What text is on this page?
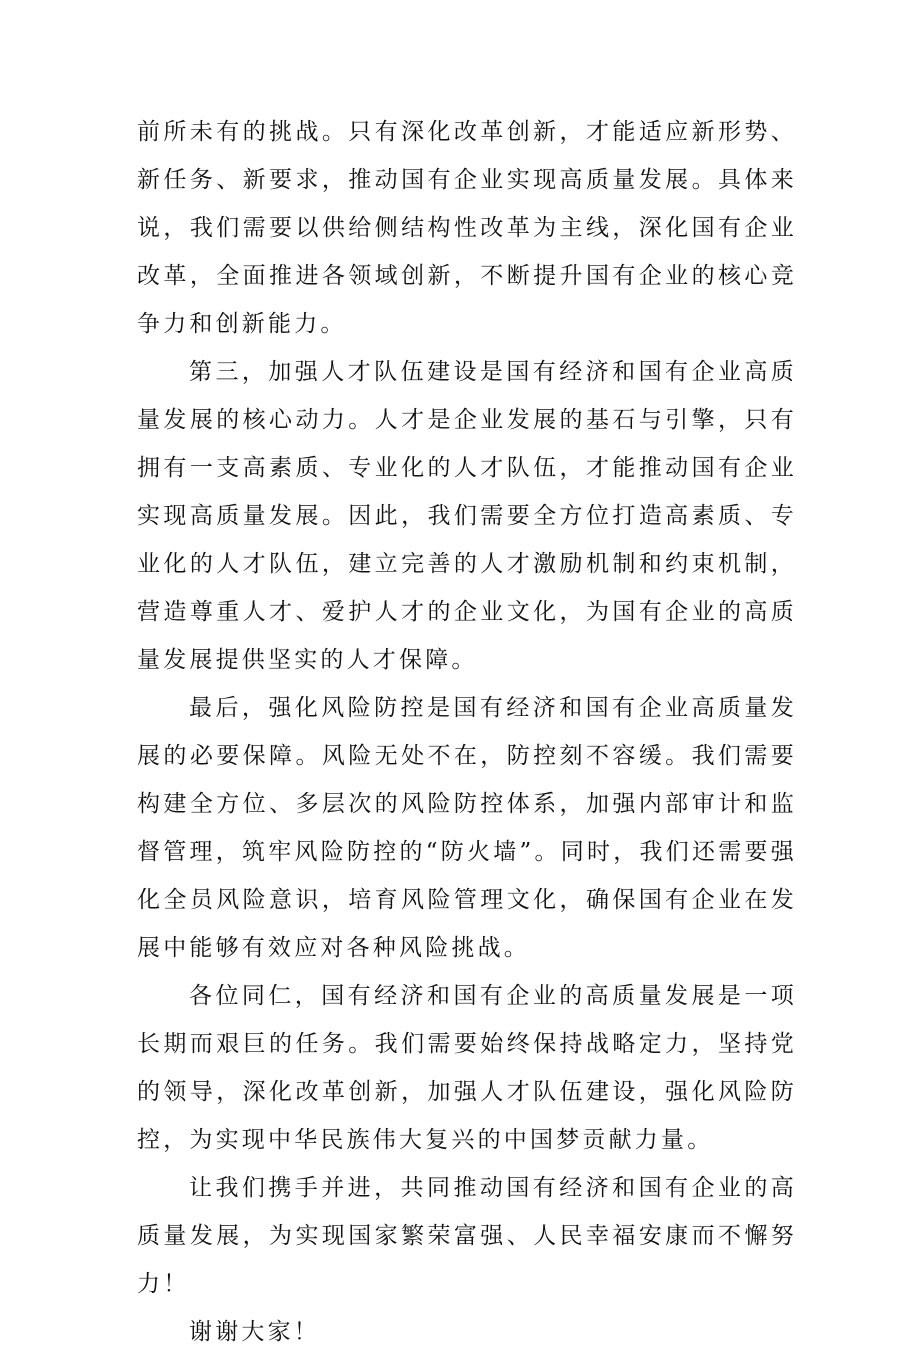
前所未有的挑战。只有深化改革创新，才能适应新形势、新任务、新要求，推动国有企业实现高质量发展。具体来说，我们需要以供给侧结构性改革为主线，深化国有企业改革，全面推进各领域创新，不断提升国有企业的核心竞争力和创新能力。

第三，加强人才队伍建设是国有经济和国有企业高质量发展的核心动力。人才是企业发展的基石与引擎，只有拥有一支高素质、专业化的人才队伍，才能推动国有企业实现高质量发展。因此，我们需要全方位打造高素质、专业化的人才队伍，建立完善的人才激励机制和约束机制，营造尊重人才、爱护人才的企业文化，为国有企业的高质量发展提供坚实的人才保障。

最后，强化风险防控是国有经济和国有企业高质量发展的必要保障。风险无处不在，防控刻不容缓。我们需要构建全方位、多层次的风险防控体系，加强内部审计和监督管理，筑牢风险防控的“防火墙”。同时，我们还需要强化全员风险意识，培育风险管理文化，确保国有企业在发展中能够有效应对各种风险挑战。

各位同仁，国有经济和国有企业的高质量发展是一项长期而艰巨的任务。我们需要始终保持战略定力，坚持党的领导，深化改革创新，加强人才队伍建设，强化风险防控，为实现中华民族伟大复兴的中国梦贡献力量。

让我们携手并进，共同推动国有经济和国有企业的高质量发展，为实现国家繁荣富强、人民幸福安康而不懈努力！

谢谢大家！
